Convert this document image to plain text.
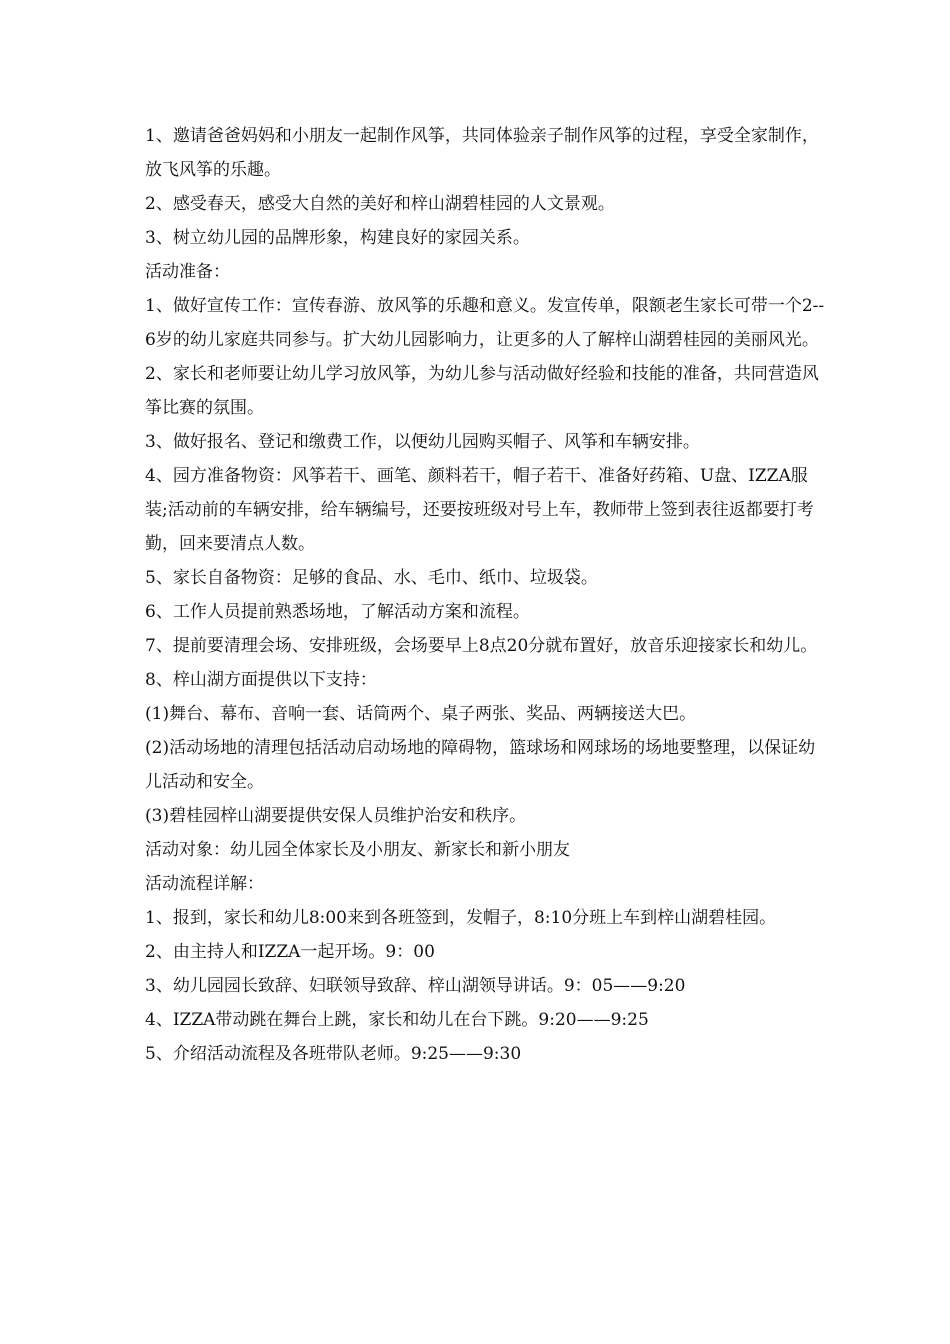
1、邀请爸爸妈妈和小朋友一起制作风筝，共同体验亲子制作风筝的过程，享受全家制作，放飞风筝的乐趣。

2、感受春天，感受大自然的美好和梓山湖碧桂园的人文景观。

3、树立幼儿园的品牌形象，构建良好的家园关系。

活动准备：

1、做好宣传工作：宣传春游、放风筝的乐趣和意义。发宣传单，限额老生家长可带一个2--6岁的幼儿家庭共同参与。扩大幼儿园影响力，让更多的人了解梓山湖碧桂园的美丽风光。2、家长和老师要让幼儿学习放风筝，为幼儿参与活动做好经验和技能的准备，共同营造风筝比赛的氛围。

3、做好报名、登记和缴费工作，以便幼儿园购买帽子、风筝和车辆安排。

4、园方准备物资：风筝若干、画笔、颜料若干，帽子若干、准备好药箱、U盘、IZZA服装;活动前的车辆安排，给车辆编号，还要按班级对号上车，教师带上签到表往返都要打考勤，回来要清点人数。

5、家长自备物资：足够的食品、水、毛巾、纸巾、垃圾袋。

6、工作人员提前熟悉场地，了解活动方案和流程。

7、提前要清理会场、安排班级，会场要早上8点20分就布置好，放音乐迎接家长和幼儿。

8、梓山湖方面提供以下支持：

(1)舞台、幕布、音响一套、话筒两个、桌子两张、奖品、两辆接送大巴。

(2)活动场地的清理包括活动启动场地的障碍物，篮球场和网球场的场地要整理，以保证幼儿活动和安全。

(3)碧桂园梓山湖要提供安保人员维护治安和秩序。

活动对象：幼儿园全体家长及小朋友、新家长和新小朋友

活动流程详解：

1、报到，家长和幼儿8:00来到各班签到，发帽子，8:10分班上车到梓山湖碧桂园。

2、由主持人和IZZA一起开场。9：00

3、幼儿园园长致辞、妇联领导致辞、梓山湖领导讲话。9：05——9:20

4、IZZA带动跳在舞台上跳，家长和幼儿在台下跳。9:20——9:25

5、介绍活动流程及各班带队老师。9:25——9:30
